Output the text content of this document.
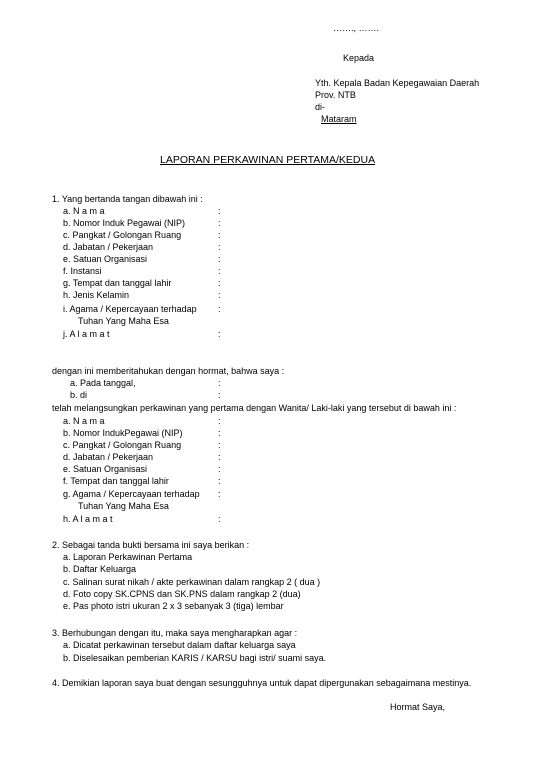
……., …….
Kepada
Yth. Kepala Badan Kepegawaian Daerah
Prov. NTB
di-
Mataram
LAPORAN PERKAWINAN PERTAMA/KEDUA
1. Yang bertanda tangan dibawah ini :
a. N a m a
b. Nomor Induk Pegawai (NIP)
c. Pangkat / Golongan Ruang
d. Jabatan / Pekerjaan
e. Satuan Organisasi
f. Instansi
g. Tempat dan tanggal lahir
h. Jenis Kelamin
i. Agama / Kepercayaan terhadap
Tuhan Yang Maha Esa
j. A l a m a t
:
:
:
:
:
:
:
:
:
:
dengan ini memberitahukan dengan hormat, bahwa saya :
a. Pada tanggal,
b. di
:
:
telah melangsungkan perkawinan yang pertama dengan Wanita/ Laki-laki yang tersebut di bawah ini :
a. N a m a
b. Nomor IndukPegawai (NIP)
c. Pangkat / Golongan Ruang
d. Jabatan / Pekerjaan
e. Satuan Organisasi
f. Tempat dan tanggal lahir
g. Agama / Kepercayaan terhadap
Tuhan Yang Maha Esa
h. A l a m a t
:
:
:
:
:
:
:
:
2. Sebagai tanda bukti bersama ini saya berikan :
a. Laporan Perkawinan Pertama
b. Daftar Keluarga
c. Salinan surat nikah / akte perkawinan dalam rangkap 2 ( dua )
d. Foto copy SK.CPNS dan SK.PNS dalam rangkap 2 (dua)
e. Pas photo istri ukuran 2 x 3 sebanyak 3 (tiga) lembar
3. Berhubungan dengan itu, maka saya mengharapkan agar :
a. Dicatat perkawinan tersebut dalam daftar keluarga saya
b. Diselesaikan pemberian KARIS / KARSU bagi istri/ suami saya.
4. Demikian laporan saya buat dengan sesungguhnya untuk dapat dipergunakan sebagaimana mestinya.
Hormat Saya,
